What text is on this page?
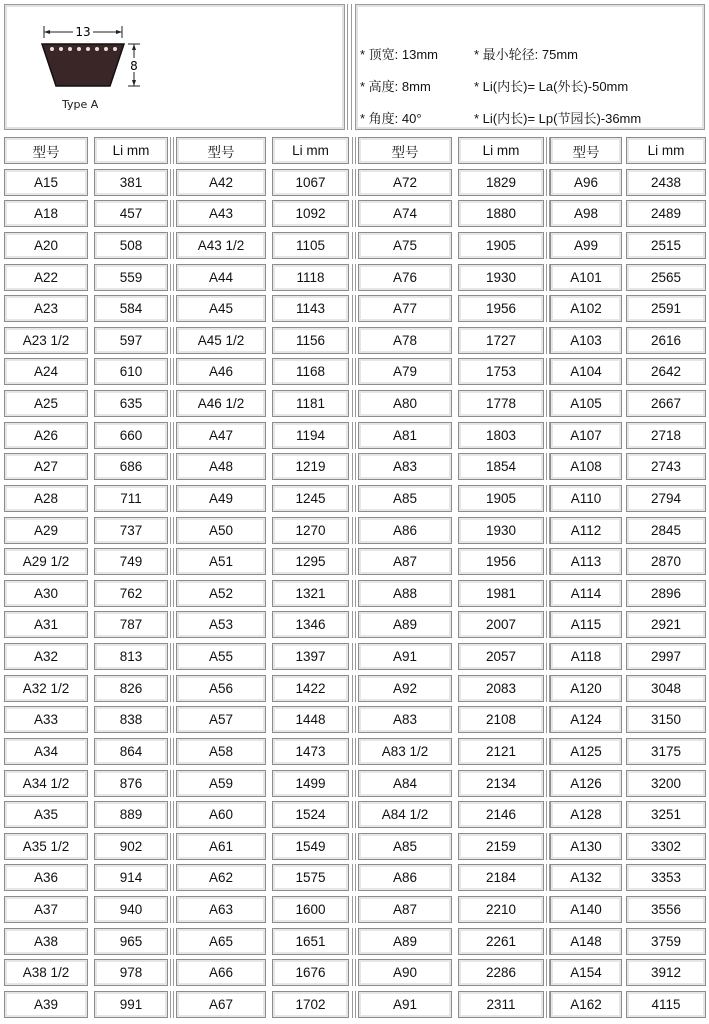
13
8
Type A
* 顶宽: 13mm	* 最小轮径: 75mm
* 高度: 8mm	* Li(内长)= La(外长)-50mm
* 角度: 40°	* Li(内长)= Lp(节园长)-36mm
型号	Li mm	型号	Li mm	型号	Li mm	型号	Li mm
A15	381	A42	1067	A72	1829	A96	2438
A18	457	A43	1092	A74	1880	A98	2489
A20	508	A43 1/2	1105	A75	1905	A99	2515
A22	559	A44	1118	A76	1930	A101	2565
A23	584	A45	1143	A77	1956	A102	2591
A23 1/2	597	A45 1/2	1156	A78	1727	A103	2616
A24	610	A46	1168	A79	1753	A104	2642
A25	635	A46 1/2	1181	A80	1778	A105	2667
A26	660	A47	1194	A81	1803	A107	2718
A27	686	A48	1219	A83	1854	A108	2743
A28	711	A49	1245	A85	1905	A110	2794
A29	737	A50	1270	A86	1930	A112	2845
A29 1/2	749	A51	1295	A87	1956	A113	2870
A30	762	A52	1321	A88	1981	A114	2896
A31	787	A53	1346	A89	2007	A115	2921
A32	813	A55	1397	A91	2057	A118	2997
A32 1/2	826	A56	1422	A92	2083	A120	3048
A33	838	A57	1448	A83	2108	A124	3150
A34	864	A58	1473	A83 1/2	2121	A125	3175
A34 1/2	876	A59	1499	A84	2134	A126	3200
A35	889	A60	1524	A84 1/2	2146	A128	3251
A35 1/2	902	A61	1549	A85	2159	A130	3302
A36	914	A62	1575	A86	2184	A132	3353
A37	940	A63	1600	A87	2210	A140	3556
A38	965	A65	1651	A89	2261	A148	3759
A38 1/2	978	A66	1676	A90	2286	A154	3912
A39	991	A67	1702	A91	2311	A162	4115
